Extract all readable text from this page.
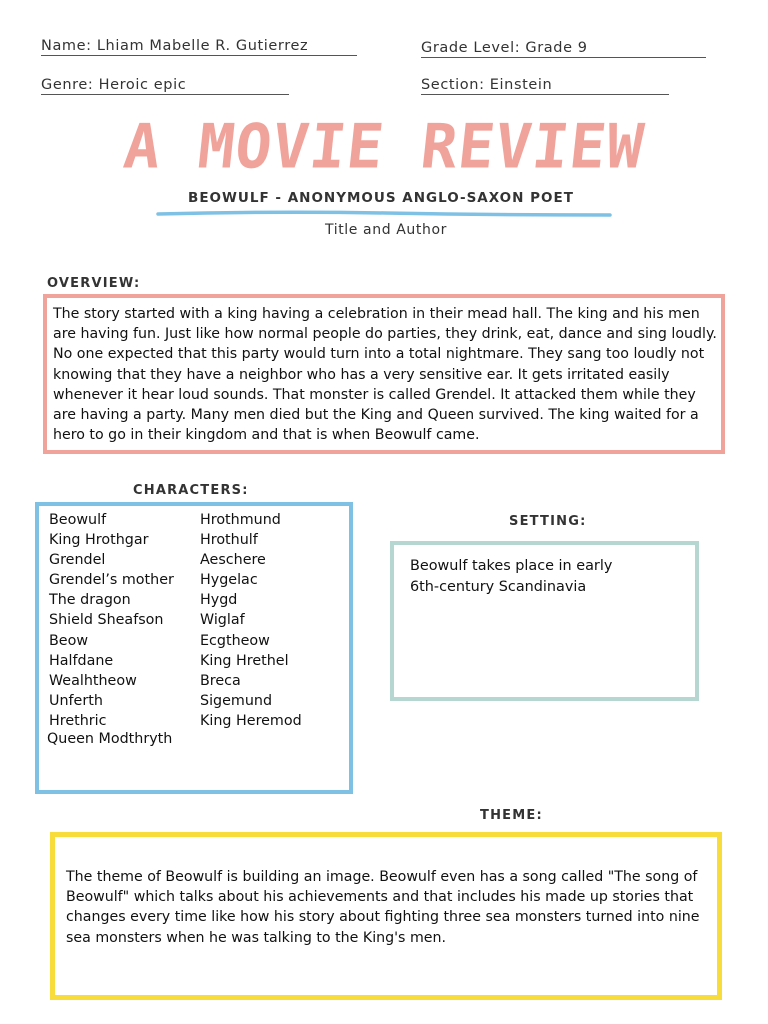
Name: Lhiam Mabelle R. Gutierrez	Grade Level: Grade 9
Genre: Heroic epic	Section: Einstein
A MOVIE REVIEW
BEOWULF - ANONYMOUS ANGLO-SAXON POET
Title and Author
OVERVIEW:
The story started with a king having a celebration in their mead hall. The king and his men are having fun. Just like how normal people do parties, they drink, eat, dance and sing loudly. No one expected that this party would turn into a total nightmare. They sang too loudly not knowing that they have a neighbor who has a very sensitive ear. It gets irritated easily whenever it hear loud sounds. That monster is called Grendel. It attacked them while they are having a party. Many men died but the King and Queen survived. The king waited for a hero to go in their kingdom and that is when Beowulf came.
CHARACTERS:
Beowulf
King Hrothgar
Grendel
Grendel’s mother
The dragon
Shield Sheafson
Beow
Halfdane
Wealhtheow
Unferth
Hrethric
Queen Modthryth
Hrothmund
Hrothulf
Aeschere
Hygelac
Hygd
Wiglaf
Ecgtheow
King Hrethel
Breca
Sigemund
King Heremod
SETTING:
Beowulf takes place in early 6th-century Scandinavia
THEME:
The theme of Beowulf is building an image. Beowulf even has a song called "The song of Beowulf" which talks about his achievements and that includes his made up stories that changes every time like how his story about fighting three sea monsters turned into nine sea monsters when he was talking to the King's men.
